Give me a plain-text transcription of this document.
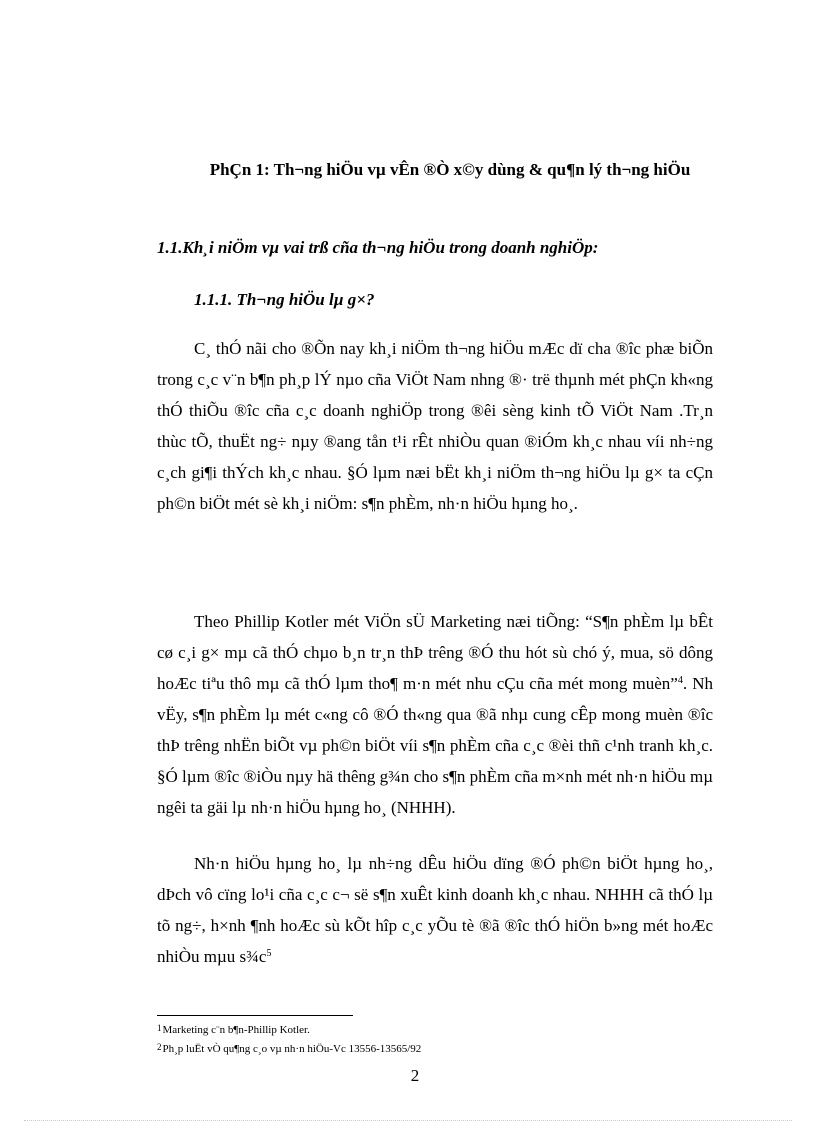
PhÇn 1: Th¬ng hiÖu vµ vÊn ®Ò x©y dùng & qu¶n lý th¬ng hiÖu
1.1.Kh¸i niÖm vµ vai trß cña th¬ng hiÖu trong doanh nghiÖp:
1.1.1. Th¬ng hiÖu lµ g×?

C¸ thÓ nãi cho ®Õn nay kh¸i niÖm th¬ng hiÖu mÆc dï cha ®îc phæ biÕn trong c¸c v¨n b¶n ph¸p lÝ nµo cña ViÖt Nam nhng ®· trë thµnh mét phÇn kh«ng thÓ thiÕu ®îc cña c¸c doanh nghiÖp trong ®êi sèng kinh tÕ ViÖt Nam .Tr¸n thùc tÕ, thuËt ng÷ nµy ®ang tån t¹i rÊt nhiÒu quan ®iÓm kh¸c nhau víi nh÷ng c¸ch gi¶i thÝch kh¸c nhau. §Ó lµm næi bËt kh¸i niÖm th¬ng hiÖu lµ g× ta cÇn ph©n biÖt mét sè kh¸i niÖm: s¶n phÈm, nh·n hiÖu hµng ho¸.

Theo Phillip Kotler mét ViÖn sÜ Marketing næi tiÕng: “S¶n phÈm lµ bÊt cø c¸i g× mµ cã thÓ chµo b¸n tr¸n thÞ trêng ®Ó thu hót sù chó ý, mua, sö dông hoÆc tiªu thô mµ cã thÓ lµm tho¶ m·n mét nhu cÇu cña mét mong muèn”$^4$. Nh vËy, s¶n phÈm lµ mét c«ng cô ®Ó th«ng qua ®ã nhµ cung cÊp mong muèn ®îc thÞ trêng nhËn biÕt vµ ph©n biÖt víi s¶n phÈm cña c¸c ®èi thñ c¹nh tranh kh¸c. §Ó lµm ®îc ®iÒu nµy hä thêng g¾n cho s¶n phÈm cña m×nh mét nh·n hiÖu mµ ngêi ta gäi lµ nh·n hiÖu hµng ho¸ (NHHH).

Nh·n hiÖu hµng ho¸ lµ nh÷ng dÊu hiÖu dïng ®Ó ph©n biÖt hµng ho¸, dÞch vô cïng lo¹i cña c¸c c¬ së s¶n xuÊt kinh doanh kh¸c nhau. NHHH cã thÓ lµ tõ ng÷, h×nh ¶nh hoÆc sù kÕt hîp c¸c yÕu tè ®ã ®îc thÓ hiÖn b»ng mét hoÆc nhiÒu mµu $s\frac{3}{4}c^5$

1Marketing c¨n b¶n-Phillip Kotler.
2Ph¸p luËt vÒ qu¶ng c¸o vµ nh·n hiÖu-Vc 13556-13565/92
2
